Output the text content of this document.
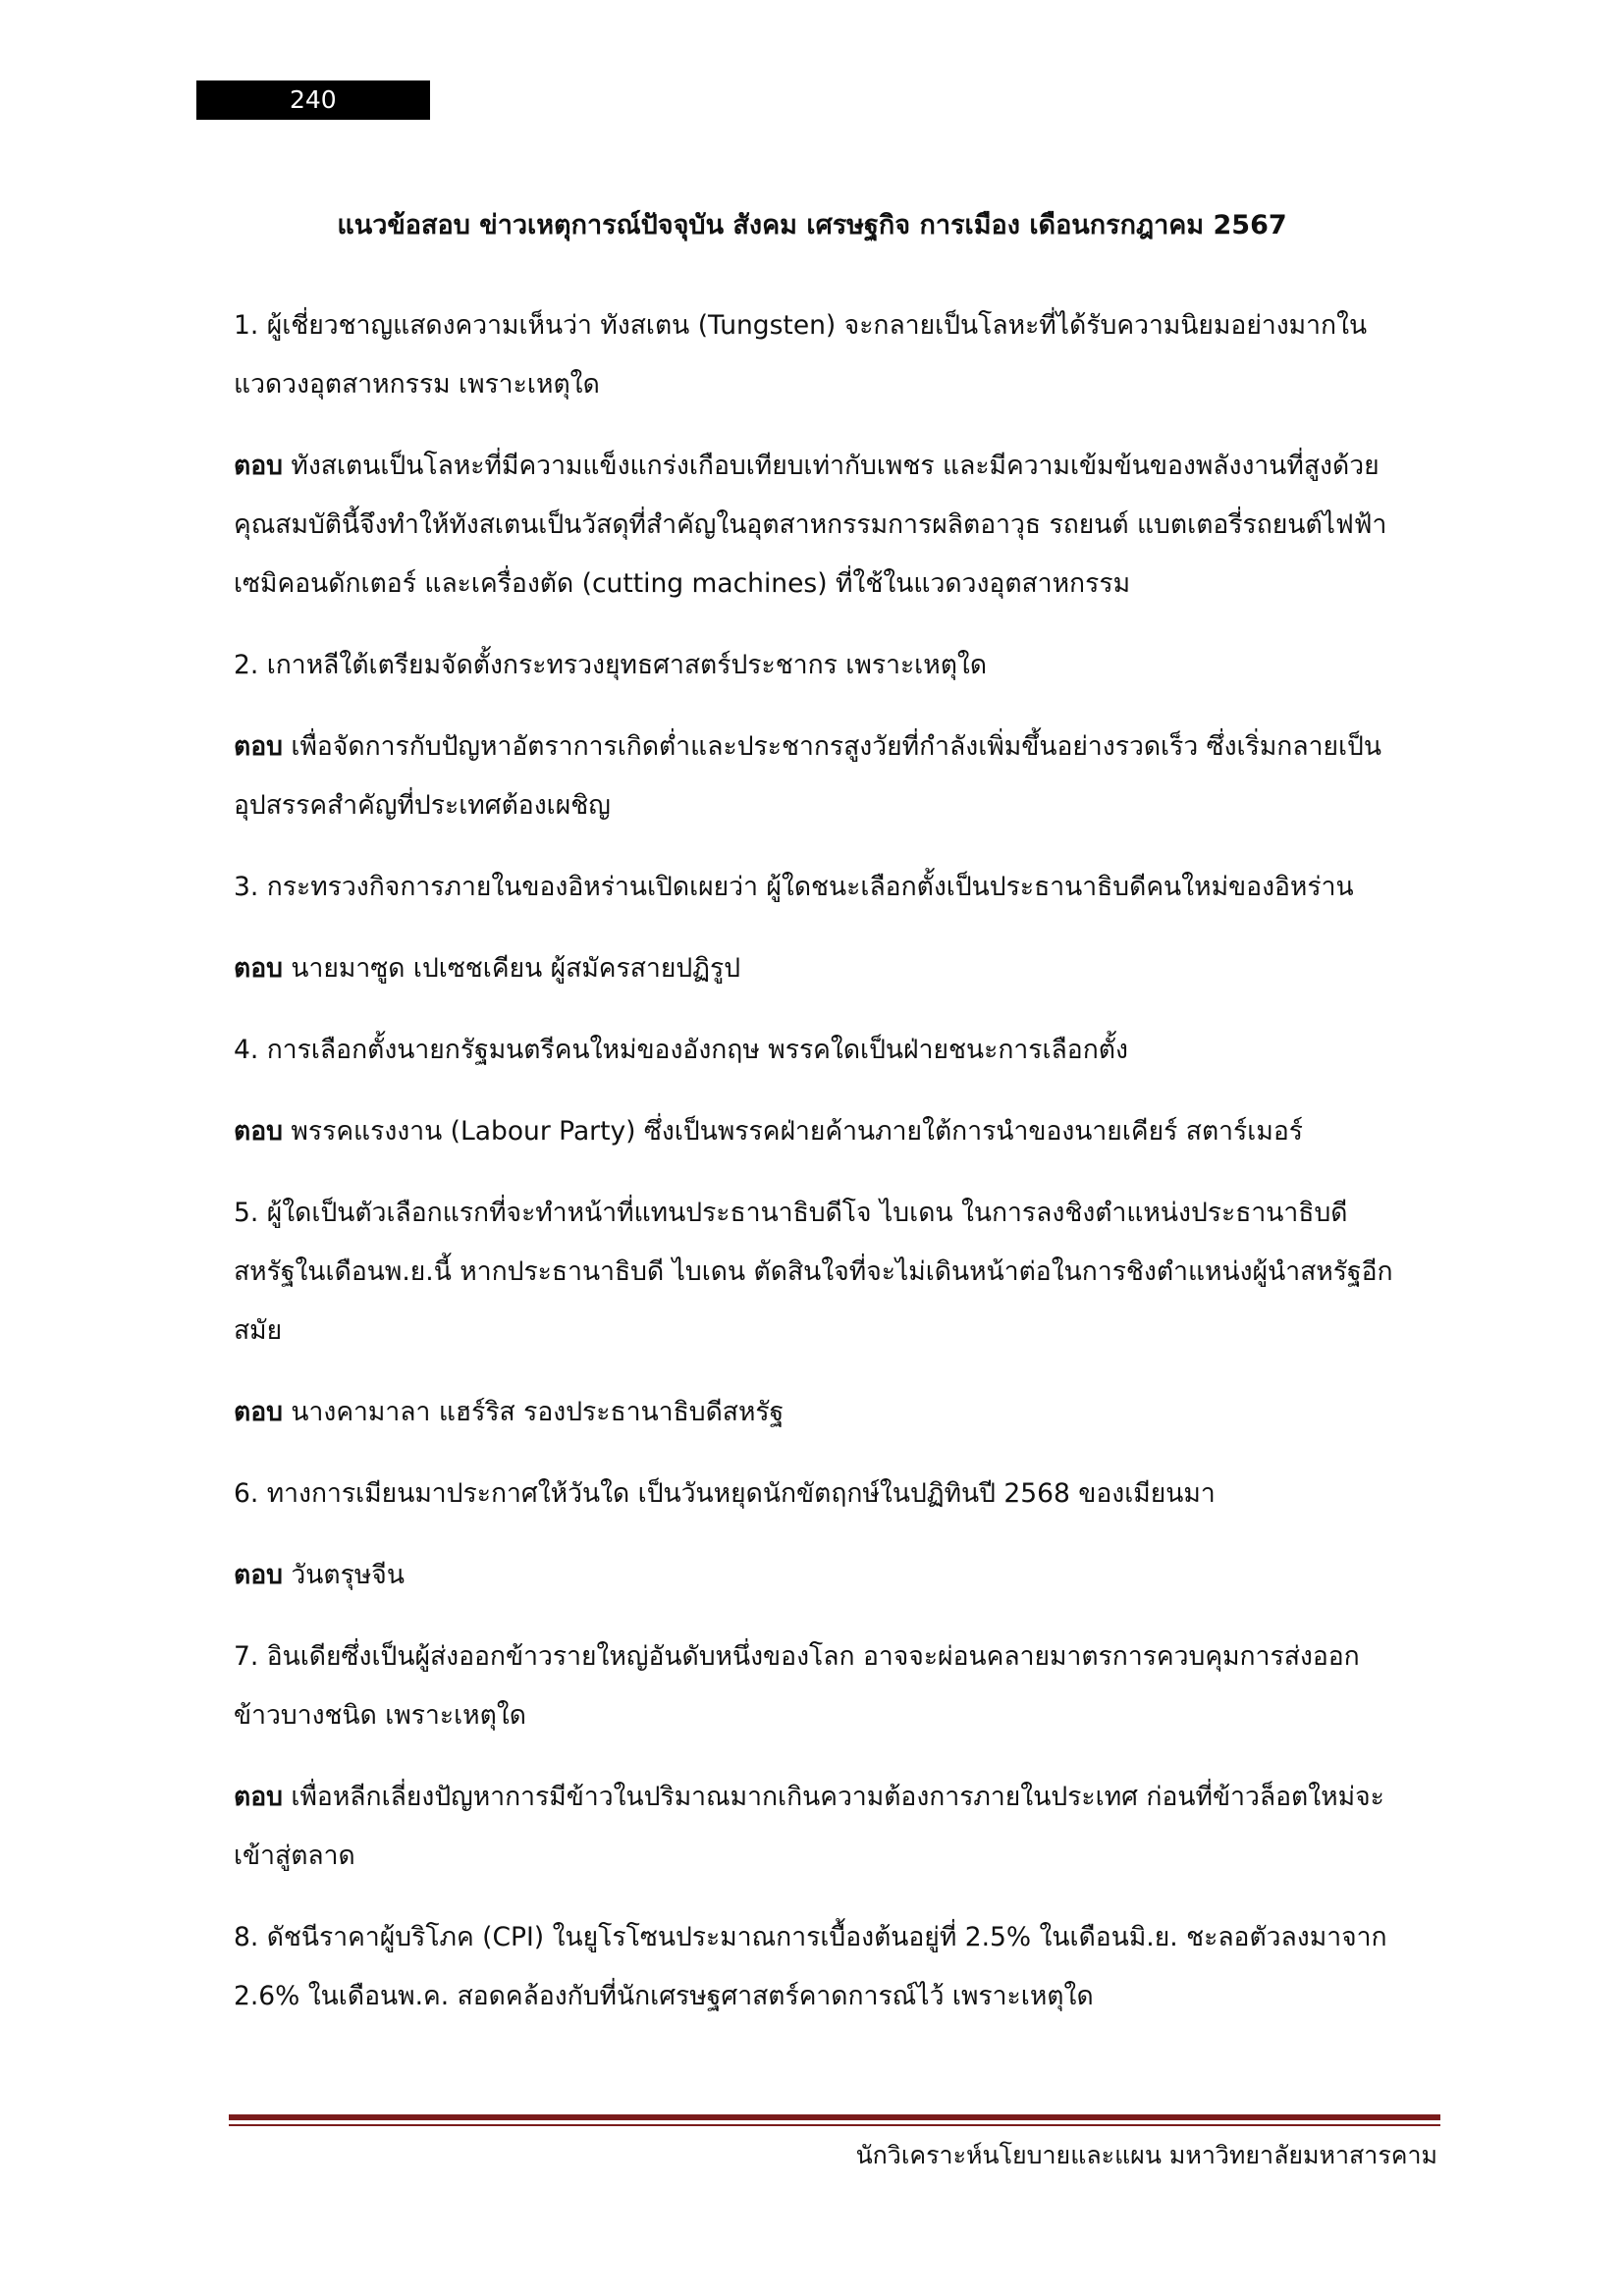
240
แนวข้อสอบ ข่าวเหตุการณ์ปัจจุบัน สังคม เศรษฐกิจ การเมือง เดือนกรกฎาคม 2567
1. ผู้เชี่ยวชาญแสดงความเห็นว่า ทังสเตน (Tungsten) จะกลายเป็นโลหะที่ได้รับความนิยมอย่างมากใน
แวดวงอุตสาหกรรม เพราะเหตุใด
ตอบ ทังสเตนเป็นโลหะที่มีความแข็งแกร่งเกือบเทียบเท่ากับเพชร และมีความเข้มข้นของพลังงานที่สูงด้วย
คุณสมบัตินี้จึงทำให้ทังสเตนเป็นวัสดุที่สำคัญในอุตสาหกรรมการผลิตอาวุธ รถยนต์ แบตเตอรี่รถยนต์ไฟฟ้า
เซมิคอนดักเตอร์ และเครื่องตัด (cutting machines) ที่ใช้ในแวดวงอุตสาหกรรม
2. เกาหลีใต้เตรียมจัดตั้งกระทรวงยุทธศาสตร์ประชากร เพราะเหตุใด
ตอบ เพื่อจัดการกับปัญหาอัตราการเกิดต่ำและประชากรสูงวัยที่กำลังเพิ่มขึ้นอย่างรวดเร็ว ซึ่งเริ่มกลายเป็น
อุปสรรคสำคัญที่ประเทศต้องเผชิญ
3. กระทรวงกิจการภายในของอิหร่านเปิดเผยว่า ผู้ใดชนะเลือกตั้งเป็นประธานาธิบดีคนใหม่ของอิหร่าน
ตอบ นายมาซูด เปเซชเคียน ผู้สมัครสายปฏิรูป
4. การเลือกตั้งนายกรัฐมนตรีคนใหม่ของอังกฤษ พรรคใดเป็นฝ่ายชนะการเลือกตั้ง
ตอบ พรรคแรงงาน (Labour Party) ซึ่งเป็นพรรคฝ่ายค้านภายใต้การนำของนายเคียร์ สตาร์เมอร์
5. ผู้ใดเป็นตัวเลือกแรกที่จะทำหน้าที่แทนประธานาธิบดีโจ ไบเดน ในการลงชิงตำแหน่งประธานาธิบดี
สหรัฐในเดือนพ.ย.นี้ หากประธานาธิบดี ไบเดน ตัดสินใจที่จะไม่เดินหน้าต่อในการชิงตำแหน่งผู้นำสหรัฐอีก
สมัย
ตอบ นางคามาลา แฮร์ริส รองประธานาธิบดีสหรัฐ
6. ทางการเมียนมาประกาศให้วันใด เป็นวันหยุดนักขัตฤกษ์ในปฏิทินปี 2568 ของเมียนมา
ตอบ วันตรุษจีน
7. อินเดียซึ่งเป็นผู้ส่งออกข้าวรายใหญ่อันดับหนึ่งของโลก อาจจะผ่อนคลายมาตรการควบคุมการส่งออก
ข้าวบางชนิด เพราะเหตุใด
ตอบ เพื่อหลีกเลี่ยงปัญหาการมีข้าวในปริมาณมากเกินความต้องการภายในประเทศ ก่อนที่ข้าวล็อตใหม่จะ
เข้าสู่ตลาด
8. ดัชนีราคาผู้บริโภค (CPI) ในยูโรโซนประมาณการเบื้องต้นอยู่ที่ 2.5% ในเดือนมิ.ย. ชะลอตัวลงมาจาก
2.6% ในเดือนพ.ค. สอดคล้องกับที่นักเศรษฐศาสตร์คาดการณ์ไว้ เพราะเหตุใด
นักวิเคราะห์นโยบายและแผน มหาวิทยาลัยมหาสารคาม
